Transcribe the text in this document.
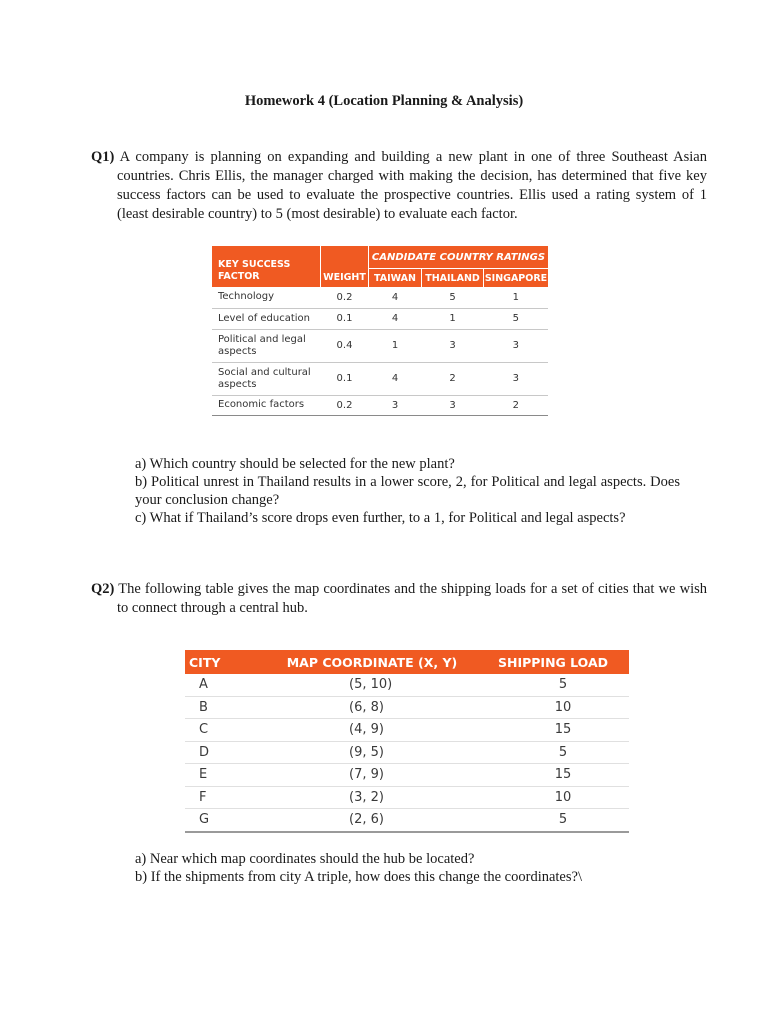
Homework 4 (Location Planning & Analysis)
Q1) A company is planning on expanding and building a new plant in one of three Southeast Asian countries. Chris Ellis, the manager charged with making the decision, has determined that five key success factors can be used to evaluate the prospective countries. Ellis used a rating system of 1 (least desirable country) to 5 (most desirable) to evaluate each factor.
KEY SUCCESS FACTOR		CANDIDATE COUNTRY RATINGS		
	WEIGHT	TAIWAN	THAILAND	SINGAPORE
Technology	0.2	4	5	1
Level of education	0.1	4	1	5
Political and legal aspects	0.4	1	3	3
Social and cultural aspects	0.1	4	2	3
Economic factors	0.2	3	3	2
a) Which country should be selected for the new plant?
b) Political unrest in Thailand results in a lower score, 2, for Political and legal aspects. Does your conclusion change?
c) What if Thailand’s score drops even further, to a 1, for Political and legal aspects?
Q2) The following table gives the map coordinates and the shipping loads for a set of cities that we wish to connect through a central hub.
CITY	MAP COORDINATE (X, Y)	SHIPPING LOAD
A	(5, 10)	5
B	(6, 8)	10
C	(4, 9)	15
D	(9, 5)	5
E	(7, 9)	15
F	(3, 2)	10
G	(2, 6)	5
a) Near which map coordinates should the hub be located?
b) If the shipments from city A triple, how does this change the coordinates?\
